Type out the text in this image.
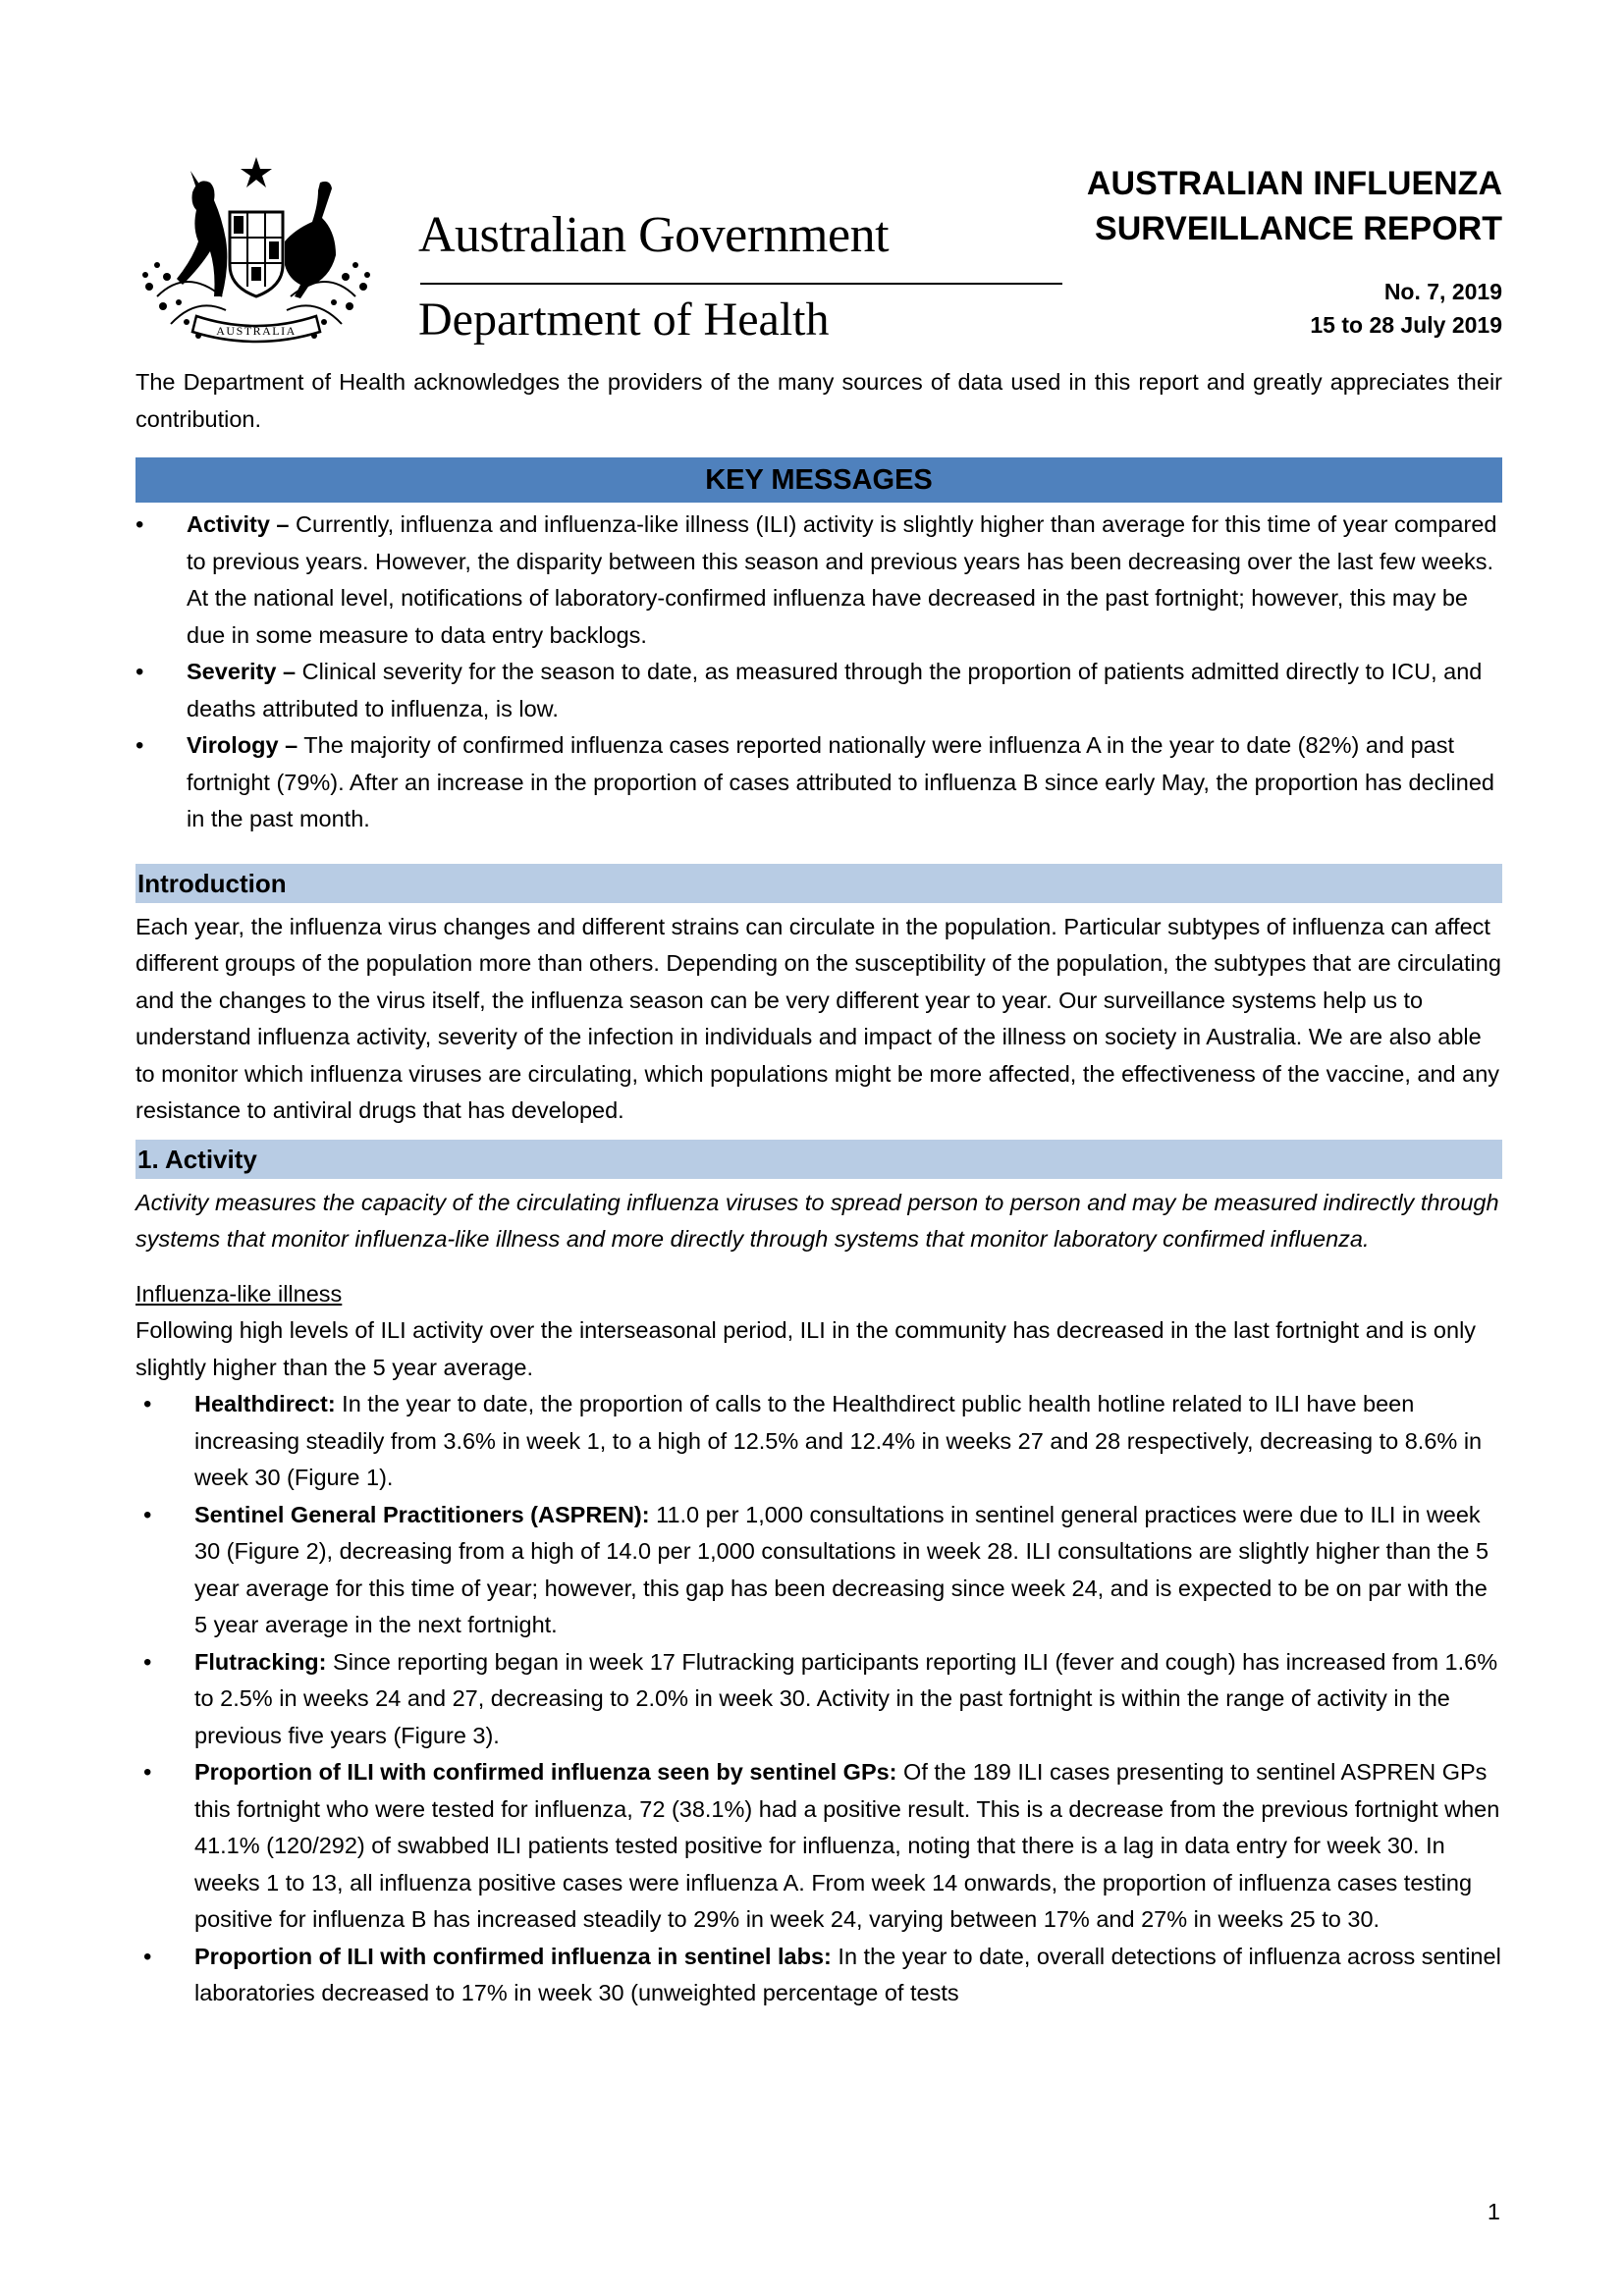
AUSTRALIA
Australian Government
Department of Health
AUSTRALIAN INFLUENZA
SURVEILLANCE REPORT
No. 7, 2019
15 to 28 July 2019
The Department of Health acknowledges the providers of the many sources of data used in this report and greatly appreciates their contribution.
KEY MESSAGES
• Activity – Currently, influenza and influenza-like illness (ILI) activity is slightly higher than average for this time of year compared to previous years. However, the disparity between this season and previous years has been decreasing over the last few weeks. At the national level, notifications of laboratory-confirmed influenza have decreased in the past fortnight; however, this may be due in some measure to data entry backlogs.
• Severity – Clinical severity for the season to date, as measured through the proportion of patients admitted directly to ICU, and deaths attributed to influenza, is low.
• Virology – The majority of confirmed influenza cases reported nationally were influenza A in the year to date (82%) and past fortnight (79%). After an increase in the proportion of cases attributed to influenza B since early May, the proportion has declined in the past month.
Introduction
Each year, the influenza virus changes and different strains can circulate in the population. Particular subtypes of influenza can affect different groups of the population more than others. Depending on the susceptibility of the population, the subtypes that are circulating and the changes to the virus itself, the influenza season can be very different year to year. Our surveillance systems help us to understand influenza activity, severity of the infection in individuals and impact of the illness on society in Australia. We are also able to monitor which influenza viruses are circulating, which populations might be more affected, the effectiveness of the vaccine, and any resistance to antiviral drugs that has developed.
1. Activity
Activity measures the capacity of the circulating influenza viruses to spread person to person and may be measured indirectly through systems that monitor influenza-like illness and more directly through systems that monitor laboratory confirmed influenza.
Influenza-like illness
Following high levels of ILI activity over the interseasonal period, ILI in the community has decreased in the last fortnight and is only slightly higher than the 5 year average.
• Healthdirect: In the year to date, the proportion of calls to the Healthdirect public health hotline related to ILI have been increasing steadily from 3.6% in week 1, to a high of 12.5% and 12.4% in weeks 27 and 28 respectively, decreasing to 8.6% in week 30 (Figure 1).
• Sentinel General Practitioners (ASPREN): 11.0 per 1,000 consultations in sentinel general practices were due to ILI in week 30 (Figure 2), decreasing from a high of 14.0 per 1,000 consultations in week 28. ILI consultations are slightly higher than the 5 year average for this time of year; however, this gap has been decreasing since week 24, and is expected to be on par with the 5 year average in the next fortnight.
• Flutracking: Since reporting began in week 17 Flutracking participants reporting ILI (fever and cough) has increased from 1.6% to 2.5% in weeks 24 and 27, decreasing to 2.0% in week 30. Activity in the past fortnight is within the range of activity in the previous five years (Figure 3).
• Proportion of ILI with confirmed influenza seen by sentinel GPs: Of the 189 ILI cases presenting to sentinel ASPREN GPs this fortnight who were tested for influenza, 72 (38.1%) had a positive result. This is a decrease from the previous fortnight when 41.1% (120/292) of swabbed ILI patients tested positive for influenza, noting that there is a lag in data entry for week 30. In weeks 1 to 13, all influenza positive cases were influenza A. From week 14 onwards, the proportion of influenza cases testing positive for influenza B has increased steadily to 29% in week 24, varying between 17% and 27% in weeks 25 to 30.
• Proportion of ILI with confirmed influenza in sentinel labs: In the year to date, overall detections of influenza across sentinel laboratories decreased to 17% in week 30 (unweighted percentage of tests
1
